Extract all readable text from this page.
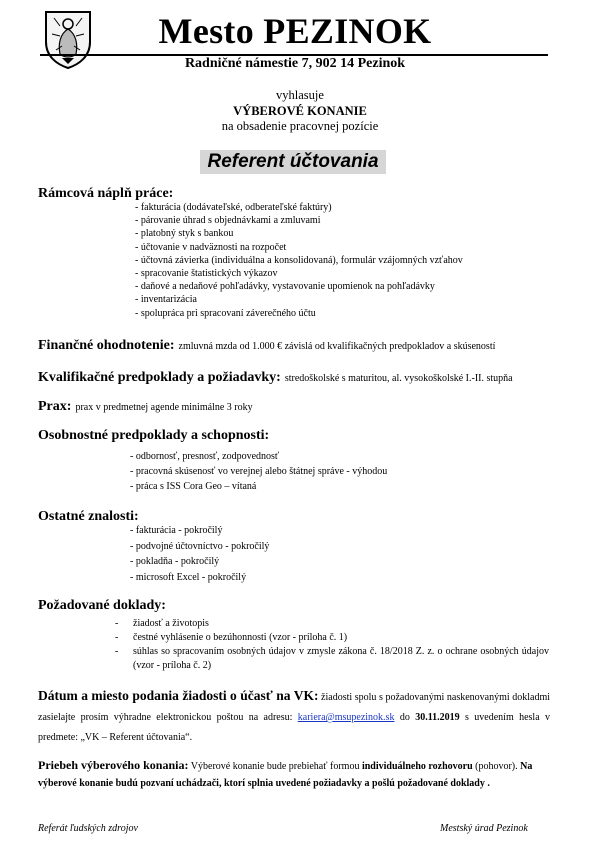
Mesto PEZINOK
Radničné námestie 7, 902 14 Pezinok
vyhlasuje
VÝBEROVÉ KONANIE
na obsadenie pracovnej pozície
Referent účtovania
Rámcová náplň práce:
- fakturácia (dodávateľské, odberateľské faktúry)
- párovanie úhrad s objednávkami a zmluvami
- platobný styk s bankou
- účtovanie v nadväznosti na rozpočet
- účtovná závierka (individuálna a konsolidovaná), formulár vzájomných vzťahov
- spracovanie štatistických výkazov
- daňové a nedaňové pohľadávky, vystavovanie upomienok na pohľadávky
- inventarizácia
- spolupráca pri spracovaní záverečného účtu
Finančné ohodnotenie: zmluvná mzda od 1.000 € závislá od kvalifikačných predpokladov a skúseností
Kvalifikačné predpoklady a požiadavky: stredoškolské s maturitou, al. vysokoškolské I.-II. stupňa
Prax: prax v predmetnej agende minimálne 3 roky
Osobnostné predpoklady a schopnosti:
- odbornosť, presnosť, zodpovednosť
- pracovná skúsenosť vo verejnej alebo štátnej správe - výhodou
- práca s ISS Cora Geo – vítaná
Ostatné znalosti:
- fakturácia - pokročilý
- podvojné účtovníctvo - pokročilý
- pokladňa - pokročilý
- microsoft Excel - pokročilý
Požadované doklady:
-	žiadosť a životopis
-	čestné vyhlásenie o bezúhonnosti (vzor - príloha č. 1)
-	súhlas so spracovaním osobných údajov v zmysle zákona č. 18/2018 Z. z. o ochrane osobných údajov (vzor - príloha č. 2)
Dátum a miesto podania žiadosti o účasť na VK: žiadosti spolu s požadovanými naskenovanými dokladmi zasielajte prosím výhradne elektronickou poštou na adresu: kariera@msupezinok.sk do 30.11.2019 s uvedením hesla v predmete: „VK – Referent účtovania“.
Priebeh výberového konania: Výberové konanie bude prebiehať formou individuálneho rozhovoru (pohovor). Na výberové konanie budú pozvaní uchádzači, ktorí splnia uvedené požiadavky a pošlú požadované doklady .
Referát ľudských zdrojov	Mestský úrad Pezinok
